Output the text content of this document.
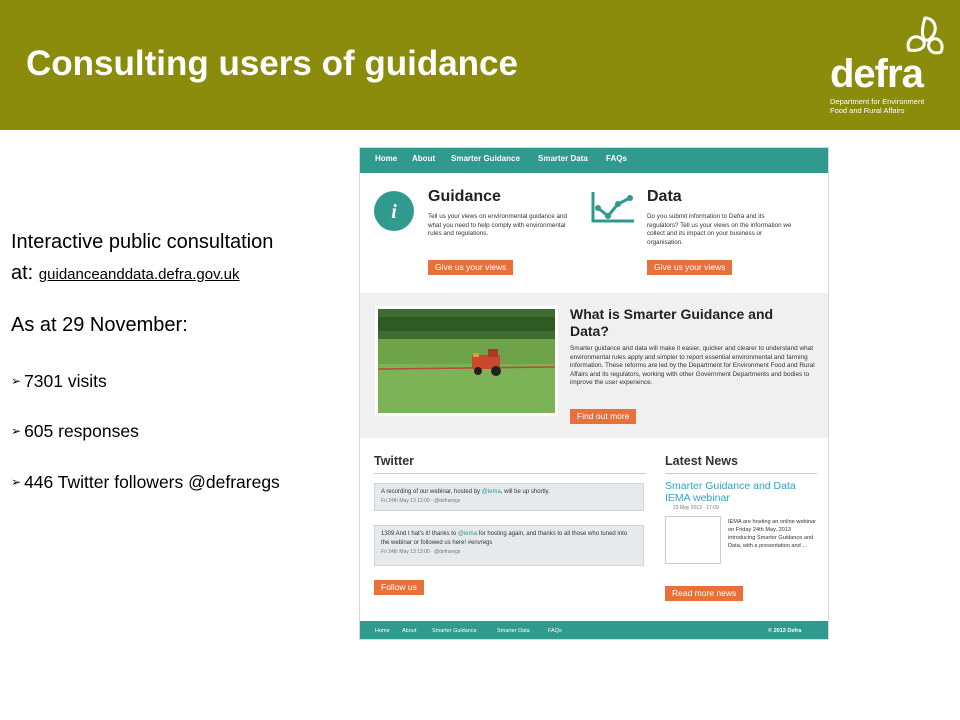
Consulting users of guidance	defra
Department for Environment
Food and Rural Affairs
Interactive public consultation
at: guidanceanddata.defra.gov.uk
As at 29 November:
➢ 7301 visits
➢ 605 responses
➢ 446 Twitter followers @defraregs
Home About Smarter Guidance Smarter Data FAQs
i
Guidance
Tell us your views on environmental guidance and what you need to help comply with environmental rules and regulations.
Give us your views
Data
Do you submit information to Defra and its regulators? Tell us your views on the information we collect and its impact on your business or organisation.
Give us your views
What is Smarter Guidance and Data?
Smarter guidance and data will make it easier, quicker and clearer to understand what environmental rules apply and simpler to report essential environmental and farming information. These reforms are led by the Department for Environment Food and Rural Affairs and its regulators, working with other Government Departments and bodies to improve the user experience.
Find out more
Twitter
A recording of our webinar, hosted by @iema, will be up shortly.
Fri 24th May 13 13:00 · @defraregs
1309 And t hat's it! thanks to @iema for hosting again, and thanks to all those who tuned into the webinar or followed us here! #envregs
Fri 24th May 13 13:00 · @defraregs
Follow us
Latest News
Smarter Guidance and Data IEMA webinar
23 May 2013 - 17:09
IEMA are hosting an online webinar on Friday 24th May, 2013 introducing Smarter Guidance and Data, with a presentation and ...
Read more news
Home About	Smarter Guidance	Smarter Data	FAQs	© 2013 Defra
